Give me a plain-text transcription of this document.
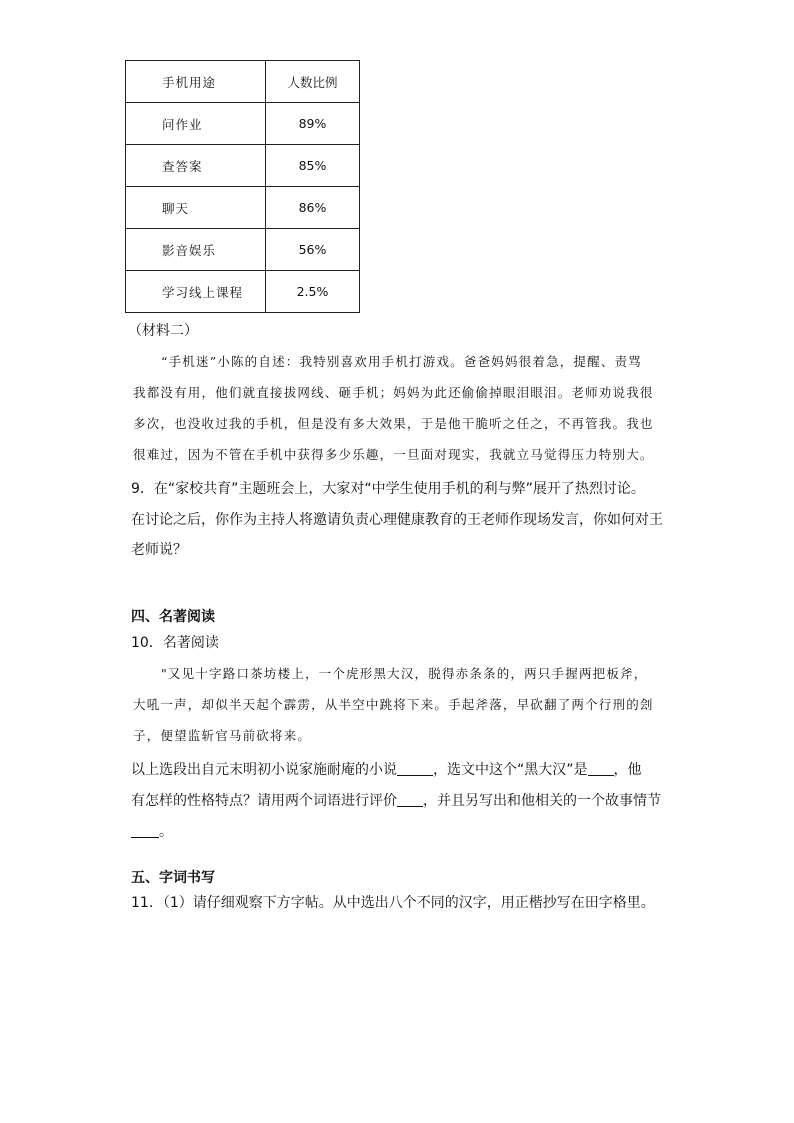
手机用途	人数比例
问作业	89%
查答案	85%
聊天	86%
影音娱乐	56%
学习线上课程	2.5%
（材料二）
“手机迷”小陈的自述：我特别喜欢用手机打游戏。爸爸妈妈很着急，提醒、责骂
我都没有用，他们就直接拔网线、砸手机；妈妈为此还偷偷掉眼泪眼泪。老师劝说我很
多次，也没收过我的手机，但是没有多大效果，于是他干脆听之任之，不再管我。我也
很难过，因为不管在手机中获得多少乐趣，一旦面对现实，我就立马觉得压力特别大。
9．在“家校共育”主题班会上，大家对“中学生使用手机的利与弊”展开了热烈讨论。
在讨论之后，你作为主持人将邀请负责心理健康教育的王老师作现场发言，你如何对王
老师说？
四、名著阅读
10．名著阅读
"又见十字路口茶坊楼上，一个虎形黑大汉，脱得赤条条的，两只手握两把板斧，
大吼一声，却似半天起个霹雳，从半空中跳将下来。手起斧落，早砍翻了两个行刑的刽
子，便望监斩官马前砍将来。
以上选段出自元末明初小说家施耐庵的小说	，选文中这个“黑大汉”是 ，他
有怎样的性格特点？请用两个词语进行评价 ，并且另写出和他相关的一个故事情节
。
五、字词书写
11．（1）请仔细观察下方字帖。从中选出八个不同的汉字，用正楷抄写在田字格里。
